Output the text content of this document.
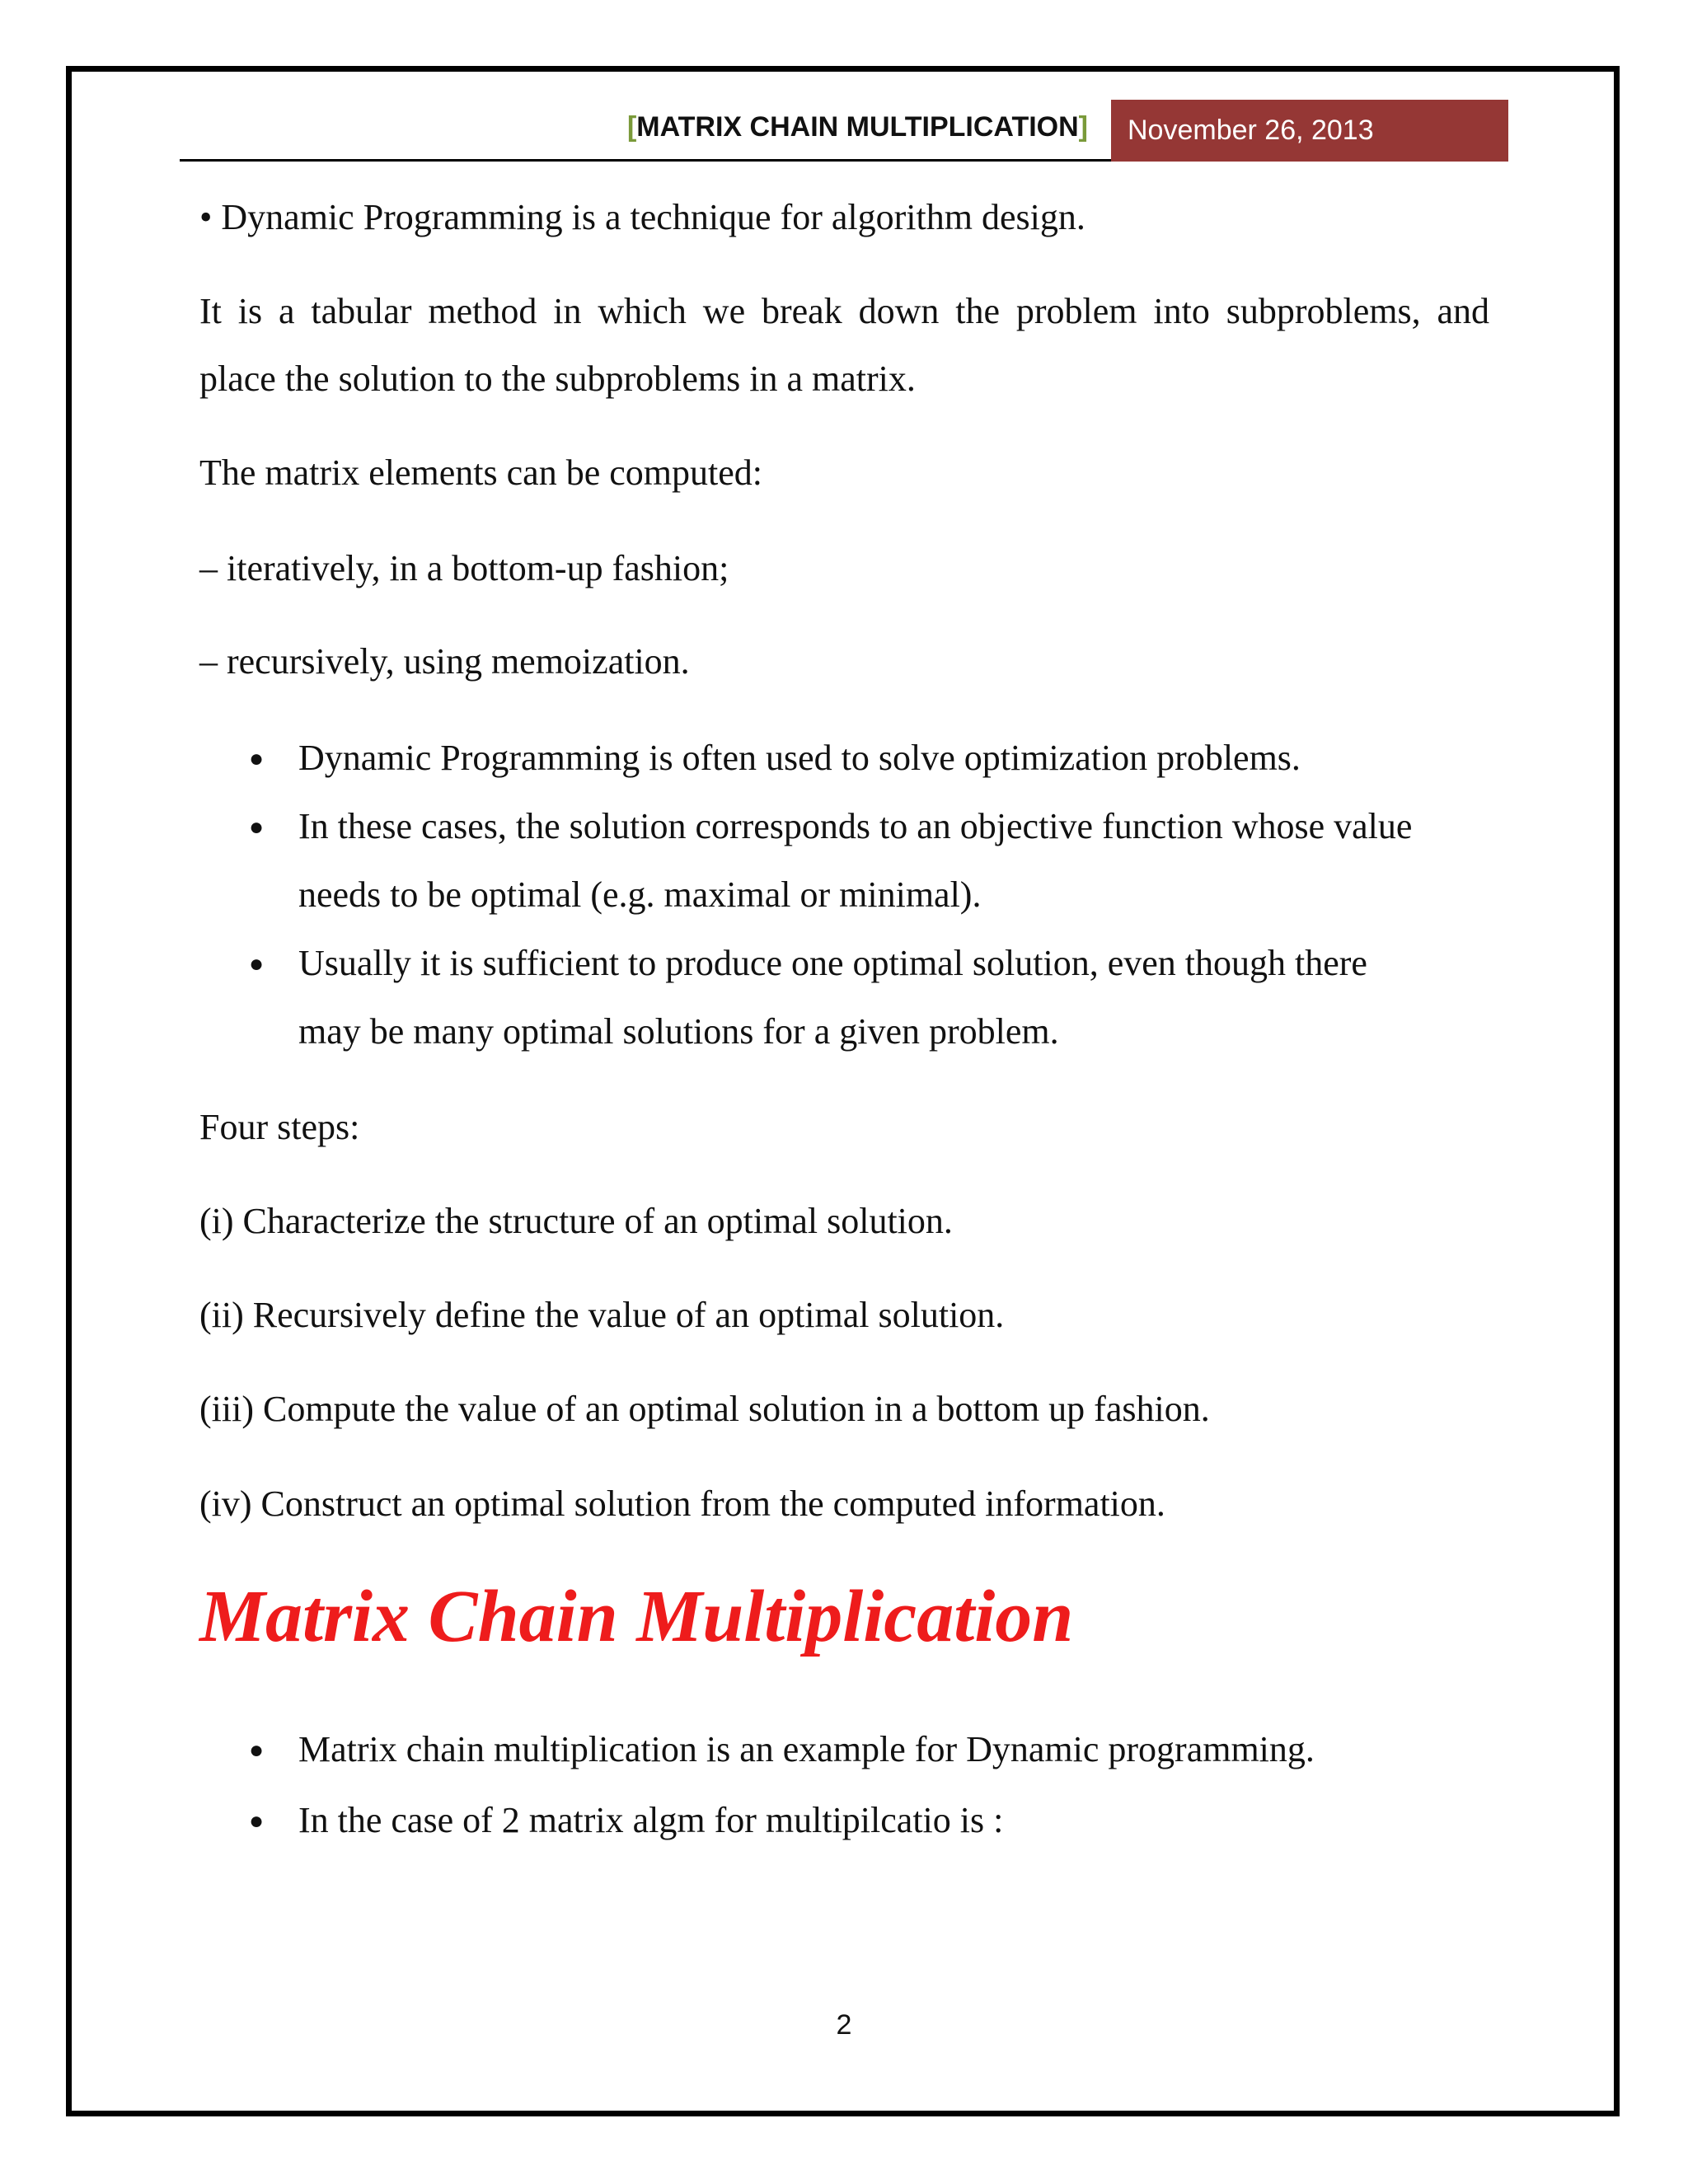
[MATRIX CHAIN MULTIPLICATION]	November 26, 2013
• Dynamic Programming is a technique for algorithm design.
It is a tabular method in which we break down the problem into subproblems, and
place the solution to the subproblems in a matrix.
The matrix elements can be computed:
– iteratively, in a bottom-up fashion;
– recursively, using memoization.
● Dynamic Programming is often used to solve optimization problems.
● In these cases, the solution corresponds to an objective function whose value
needs to be optimal (e.g. maximal or minimal).
● Usually it is sufficient to produce one optimal solution, even though there
may be many optimal solutions for a given problem.
Four steps:
(i) Characterize the structure of an optimal solution.
(ii) Recursively define the value of an optimal solution.
(iii) Compute the value of an optimal solution in a bottom up fashion.
(iv) Construct an optimal solution from the computed information.
Matrix Chain Multiplication
● Matrix chain multiplication is an example for Dynamic programming.
● In the case of 2 matrix algm for multipilcatio is :
2
